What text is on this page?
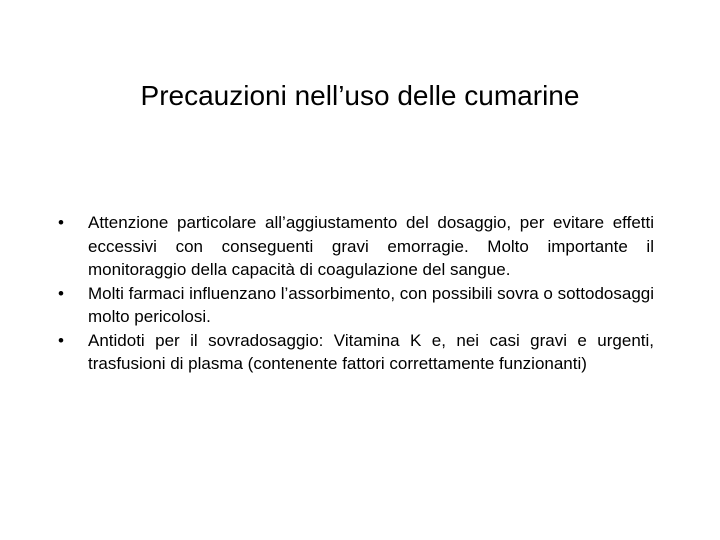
Precauzioni nell’uso delle cumarine
• Attenzione particolare all’aggiustamento del dosaggio, per evitare effetti eccessivi con conseguenti gravi emorragie. Molto importante il monitoraggio della capacità di coagulazione del sangue.
• Molti farmaci influenzano l’assorbimento, con possibili sovra o sottodosaggi molto pericolosi.
• Antidoti per il sovradosaggio: Vitamina K e, nei casi gravi e urgenti, trasfusioni di plasma (contenente fattori correttamente funzionanti)
